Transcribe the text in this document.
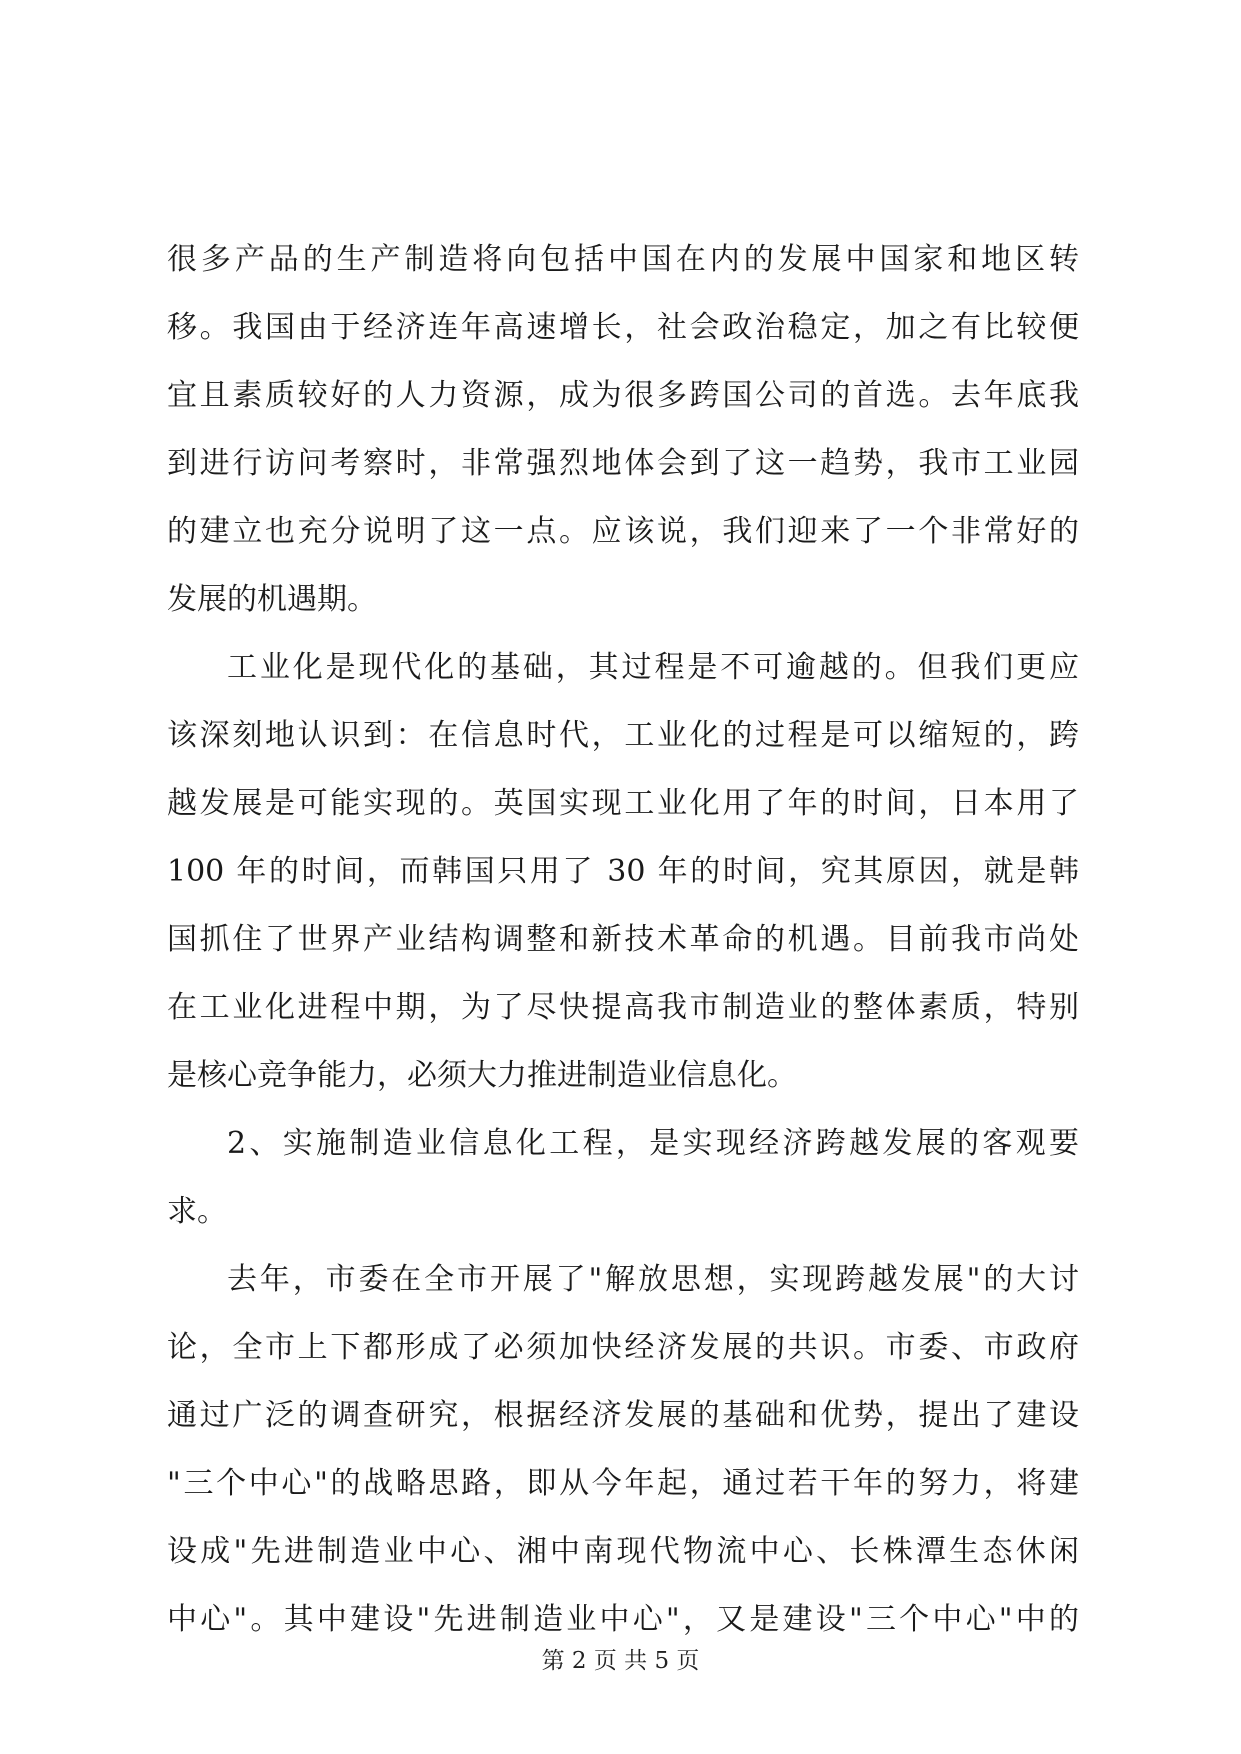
很多产品的生产制造将向包括中国在内的发展中国家和地区转
移。我国由于经济连年高速增长，社会政治稳定，加之有比较便
宜且素质较好的人力资源，成为很多跨国公司的首选。去年底我
到进行访问考察时，非常强烈地体会到了这一趋势，我市工业园
的建立也充分说明了这一点。应该说，我们迎来了一个非常好的
发展的机遇期。
工业化是现代化的基础，其过程是不可逾越的。但我们更应
该深刻地认识到：在信息时代，工业化的过程是可以缩短的，跨
越发展是可能实现的。英国实现工业化用了年的时间，日本用了
100 年的时间，而韩国只用了 30 年的时间，究其原因，就是韩
国抓住了世界产业结构调整和新技术革命的机遇。目前我市尚处
在工业化进程中期，为了尽快提高我市制造业的整体素质，特别
是核心竞争能力，必须大力推进制造业信息化。
2、实施制造业信息化工程，是实现经济跨越发展的客观要
求。
去年，市委在全市开展了"解放思想，实现跨越发展"的大讨
论，全市上下都形成了必须加快经济发展的共识。市委、市政府
通过广泛的调查研究，根据经济发展的基础和优势，提出了建设
"三个中心"的战略思路，即从今年起，通过若干年的努力，将建
设成"先进制造业中心、湘中南现代物流中心、长株潭生态休闲
中心"。其中建设"先进制造业中心"，又是建设"三个中心"中的
第 2 页 共 5 页
